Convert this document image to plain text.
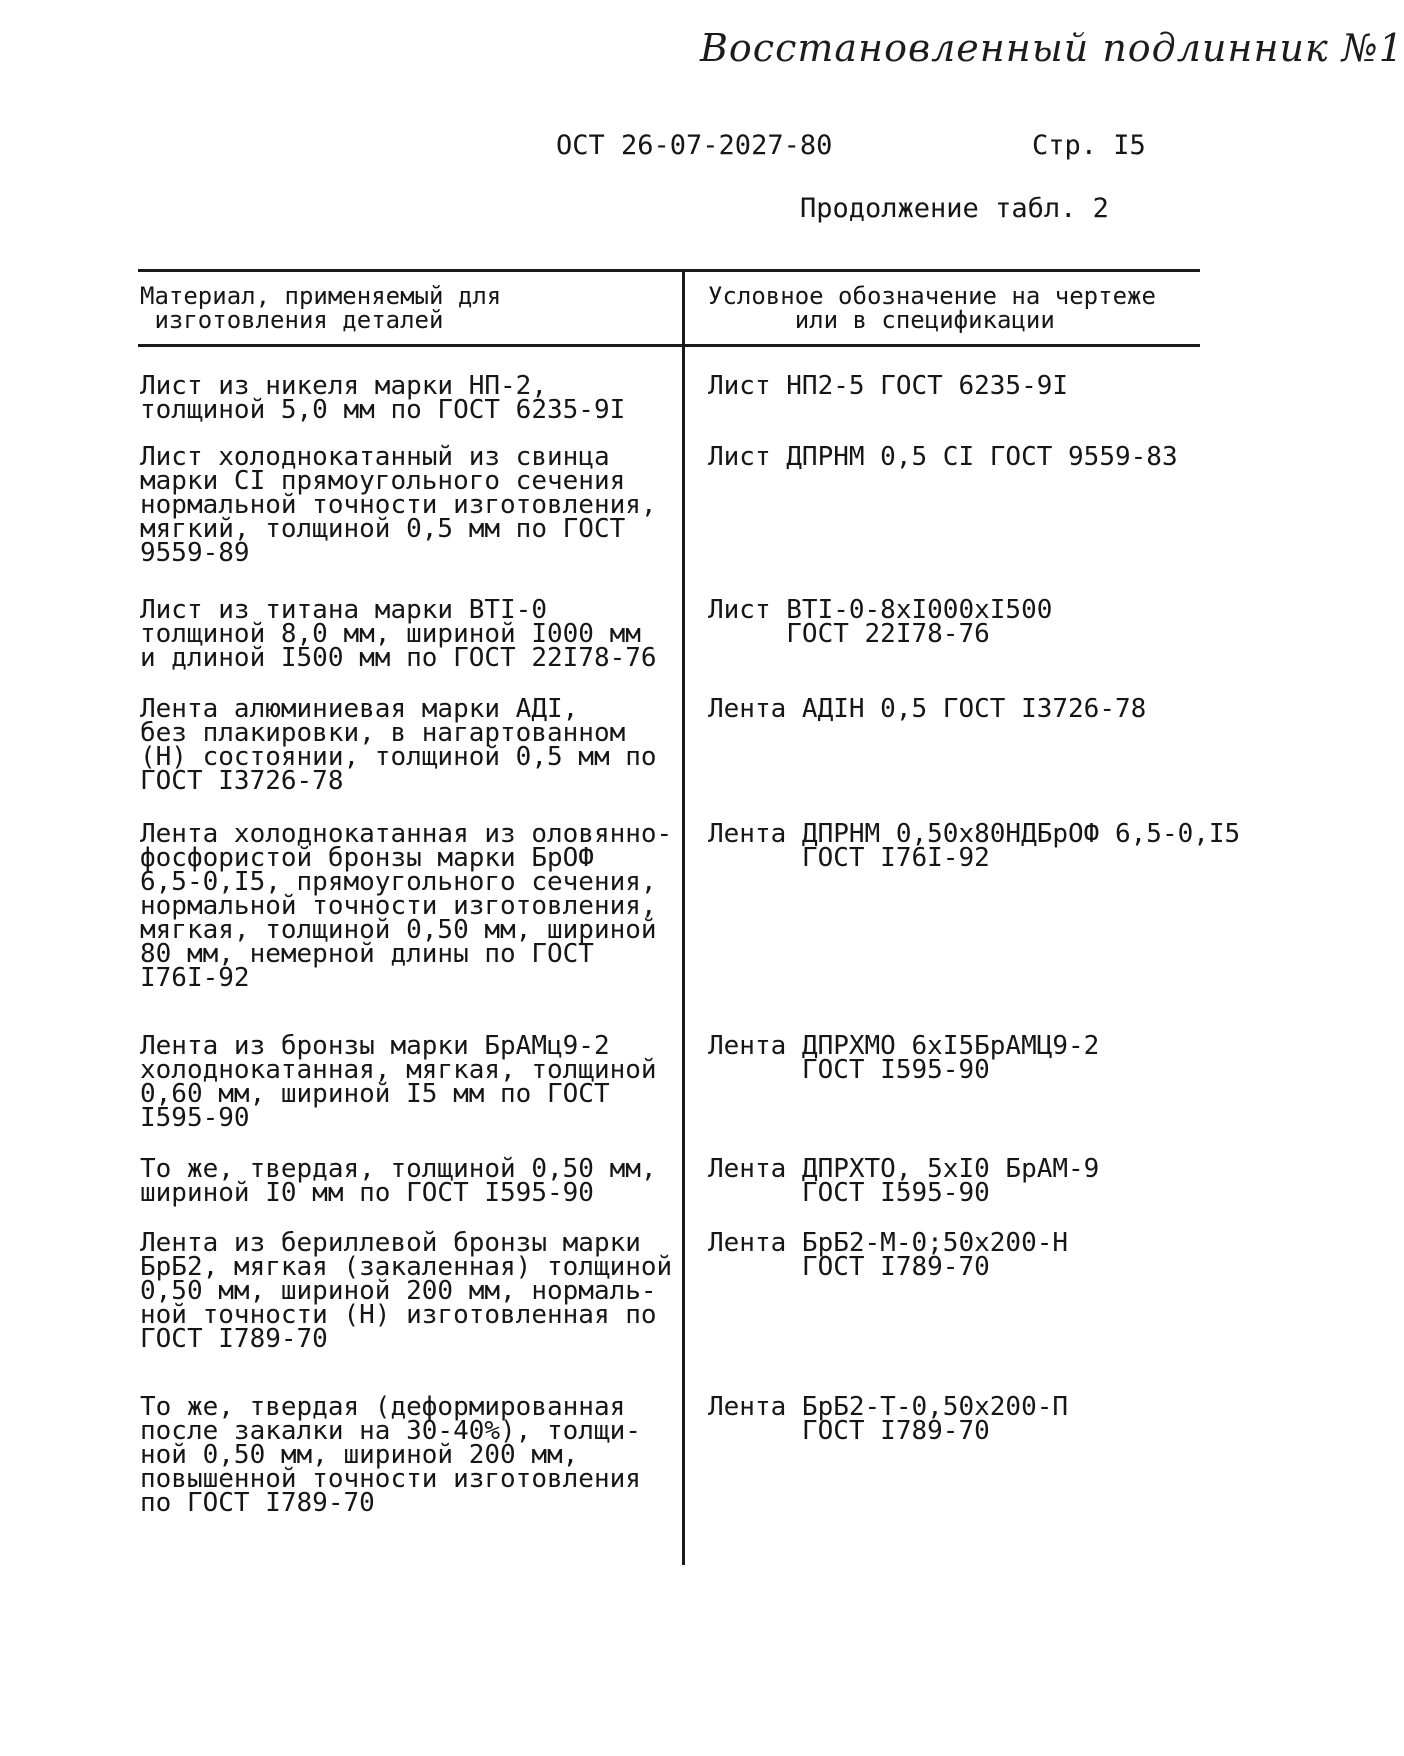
Восстановленный подлинник №1
ОСТ 26-07-2027-80	Стр. I5
Продолжение табл. 2
Материал, применяемый для
изготовления деталей
Условное обозначение на чертеже
или в спецификации
Лист из никеля марки НП-2,
толщиной 5,0 мм по ГОСТ 6235-9I
Лист НП2-5 ГОСТ 6235-9I
Лист холоднокатанный из свинца
марки CI прямоугольного сечения
нормальной точности изготовления,
мягкий, толщиной 0,5 мм по ГОСТ
9559-89
Лист ДПРНМ 0,5 CI ГОСТ 9559-83
Лист из титана марки ВТI-0
толщиной 8,0 мм, шириной I000 мм
и длиной I500 мм по ГОСТ 22I78-76
Лист ВТI-0-8хI000хI500
ГОСТ 22I78-76
Лента алюминиевая марки АДI,
без плакировки, в нагартованном
(Н) состоянии, толщиной 0,5 мм по
ГОСТ I3726-78
Лента АДIН 0,5 ГОСТ I3726-78
Лента холоднокатанная из оловянно-
фосфористой бронзы марки БрОФ
6,5-0,I5, прямоугольного сечения,
нормальной точности изготовления,
мягкая, толщиной 0,50 мм, шириной
80 мм, немерной длины по ГОСТ
I76I-92
Лента ДПРНМ 0,50х80НДБрОФ 6,5-0,I5
ГОСТ I76I-92
Лента из бронзы марки БрАМц9-2
холоднокатанная, мягкая, толщиной
0,60 мм, шириной I5 мм по ГОСТ
I595-90
Лента ДПРХМО 6хI5БрАМЦ9-2
ГОСТ I595-90
То же, твердая, толщиной 0,50 мм,
шириной I0 мм по ГОСТ I595-90
Лента ДПРХТО, 5хI0 БрАМ-9
ГОСТ I595-90
Лента из бериллевой бронзы марки
БрБ2, мягкая (закаленная) толщиной
0,50 мм, шириной 200 мм, нормаль-
ной точности (Н) изготовленная по
ГОСТ I789-70
Лента БрБ2-М-0;50х200-Н
ГОСТ I789-70
То же, твердая (деформированная
после закалки на 30-40%), толщи-
ной 0,50 мм, шириной 200 мм,
повышенной точности изготовления
по ГОСТ I789-70
Лента БрБ2-Т-0,50х200-П
ГОСТ I789-70
